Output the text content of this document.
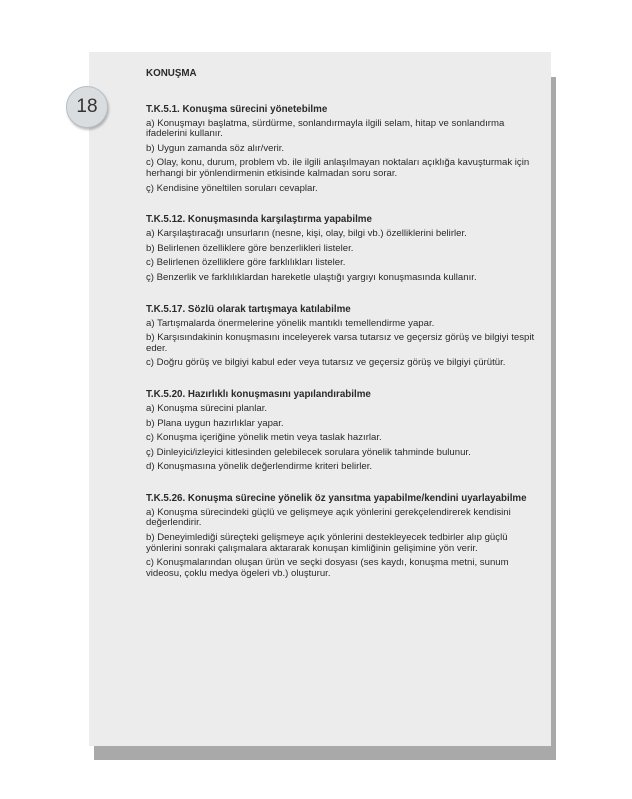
18
KONUŞMA
T.K.5.1. Konuşma sürecini yönetebilme
a) Konuşmayı başlatma, sürdürme, sonlandırmayla ilgili selam, hitap ve sonlandırma ifadelerini kullanır.
b) Uygun zamanda söz alır/verir.
c) Olay, konu, durum, problem vb. ile ilgili anlaşılmayan noktaları açıklığa kavuşturmak için herhangi bir yönlendirmenin etkisinde kalmadan soru sorar.
ç) Kendisine yöneltilen soruları cevaplar.
T.K.5.12. Konuşmasında karşılaştırma yapabilme
a) Karşılaştıracağı unsurların (nesne, kişi, olay, bilgi vb.) özelliklerini belirler.
b) Belirlenen özelliklere göre benzerlikleri listeler.
c) Belirlenen özelliklere göre farklılıkları listeler.
ç) Benzerlik ve farklılıklardan hareketle ulaştığı yargıyı konuşmasında kullanır.
T.K.5.17. Sözlü olarak tartışmaya katılabilme
a) Tartışmalarda önermelerine yönelik mantıklı temellendirme yapar.
b) Karşısındakinin konuşmasını inceleyerek varsa tutarsız ve geçersiz görüş ve bilgiyi tespit eder.
c) Doğru görüş ve bilgiyi kabul eder veya tutarsız ve geçersiz görüş ve bilgiyi çürütür.
T.K.5.20. Hazırlıklı konuşmasını yapılandırabilme
a) Konuşma sürecini planlar.
b) Plana uygun hazırlıklar yapar.
c) Konuşma içeriğine yönelik metin veya taslak hazırlar.
ç) Dinleyici/izleyici kitlesinden gelebilecek sorulara yönelik tahminde bulunur.
d) Konuşmasına yönelik değerlendirme kriteri belirler.
T.K.5.26. Konuşma sürecine yönelik öz yansıtma yapabilme/kendini uyarlayabilme
a) Konuşma sürecindeki güçlü ve gelişmeye açık yönlerini gerekçelendirerek kendisini değerlendirir.
b) Deneyimlediği süreçteki gelişmeye açık yönlerini destekleyecek tedbirler alıp güçlü yönlerini sonraki çalışmalara aktararak konuşan kimliğinin gelişimine yön verir.
c) Konuşmalarından oluşan ürün ve seçki dosyası (ses kaydı, konuşma metni, sunum videosu, çoklu medya ögeleri vb.) oluşturur.
